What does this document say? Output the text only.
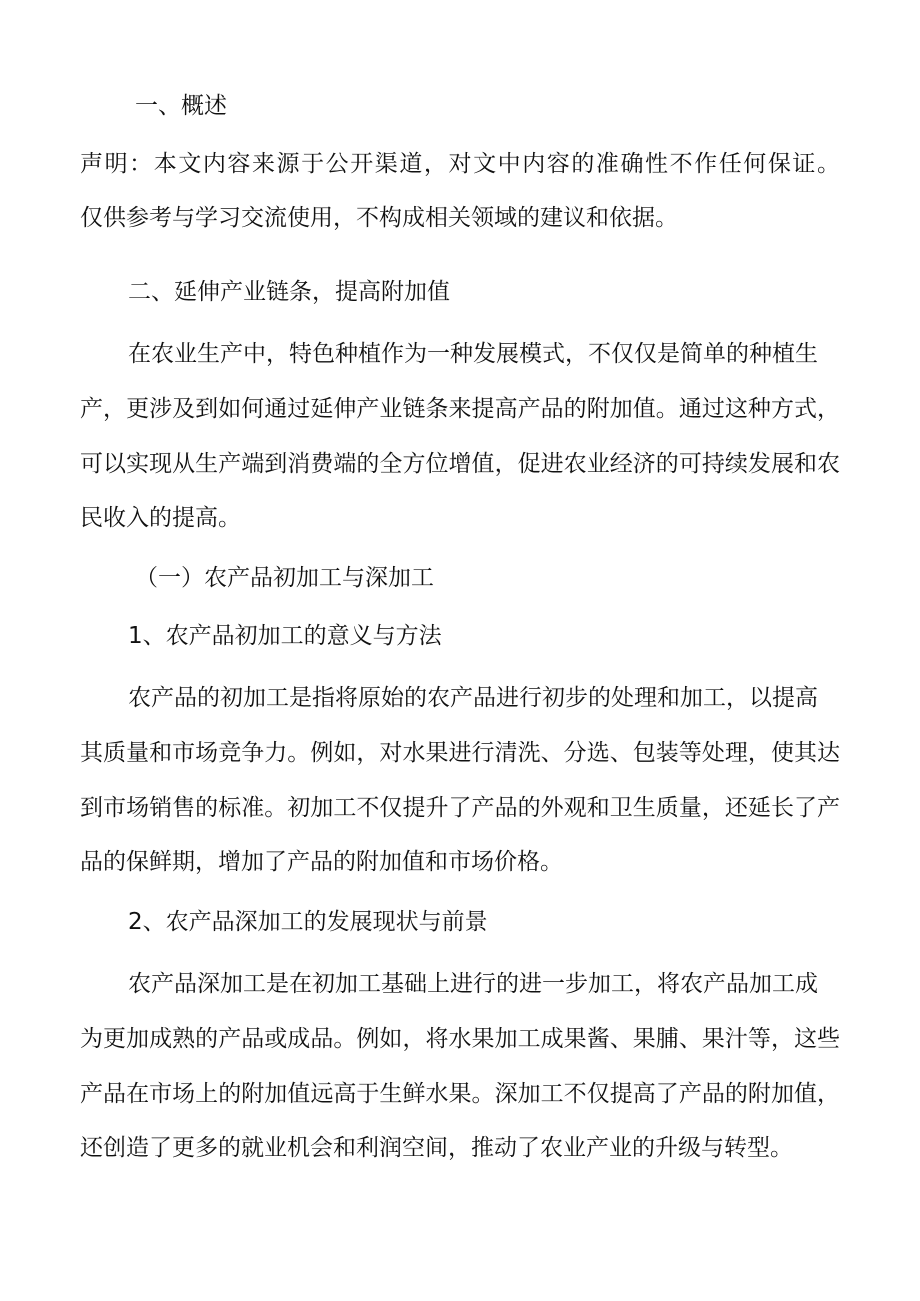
一、概述
声明：本文内容来源于公开渠道，对文中内容的准确性不作任何保证。
仅供参考与学习交流使用，不构成相关领域的建议和依据。
二、延伸产业链条，提高附加值
在农业生产中，特色种植作为一种发展模式，不仅仅是简单的种植生
产，更涉及到如何通过延伸产业链条来提高产品的附加值。通过这种方式，
可以实现从生产端到消费端的全方位增值，促进农业经济的可持续发展和农
民收入的提高。
（一）农产品初加工与深加工
1、农产品初加工的意义与方法
农产品的初加工是指将原始的农产品进行初步的处理和加工，以提高
其质量和市场竞争力。例如，对水果进行清洗、分选、包装等处理，使其达
到市场销售的标准。初加工不仅提升了产品的外观和卫生质量，还延长了产
品的保鲜期，增加了产品的附加值和市场价格。
2、农产品深加工的发展现状与前景
农产品深加工是在初加工基础上进行的进一步加工，将农产品加工成
为更加成熟的产品或成品。例如，将水果加工成果酱、果脯、果汁等，这些
产品在市场上的附加值远高于生鲜水果。深加工不仅提高了产品的附加值，
还创造了更多的就业机会和利润空间，推动了农业产业的升级与转型。
